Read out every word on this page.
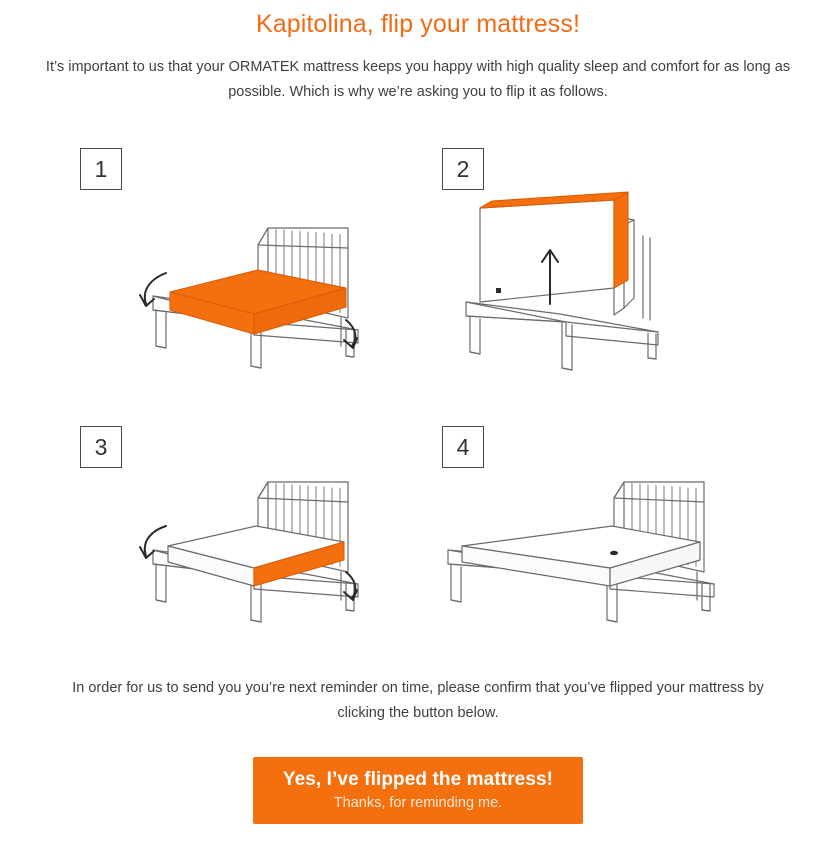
Kapitolina, flip your mattress!

It’s important to us that your ORMATEK mattress keeps you happy with high quality sleep and comfort for as long as possible. Which is why we’re asking you to flip it as follows.

1	2
3	4
In order for us to send you you’re next reminder on time, please confirm that you’ve flipped your mattress by clicking the button below.
Yes, I’ve flipped the mattress!
Thanks, for reminding me.
